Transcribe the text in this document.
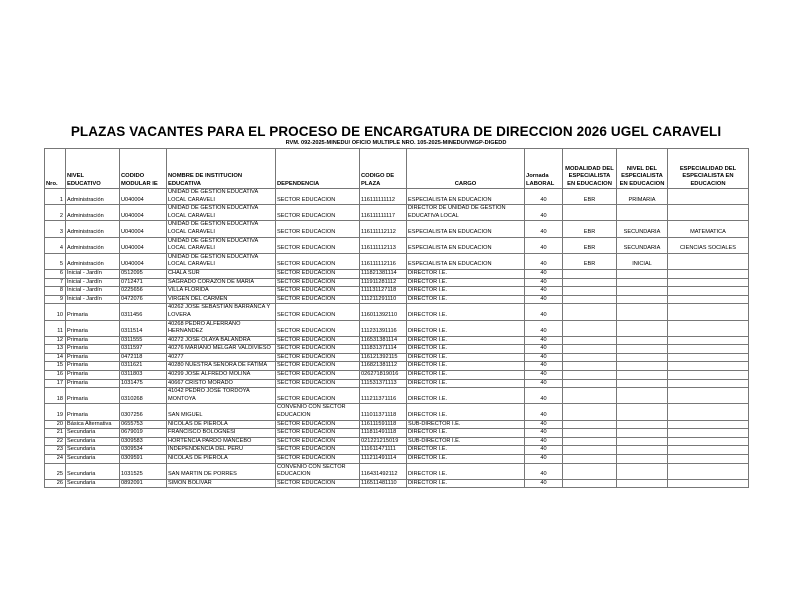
PLAZAS VACANTES PARA EL PROCESO DE ENCARGATURA DE DIRECCION 2026 UGEL CARAVELI
RVM. 092-2025-MINEDU/ OFICIO MULTIPLE NRO. 105-2025-MINEDU/VMGP-DIGEDD
Nro.	NIVEL EDUCATIVO	CODIDO MODULAR IE	NOMBRE DE INSTITUCION EDUCATIVA	DEPENDENCIA	CODIGO DE PLAZA	CARGO	Jornada LABORAL	MODALIDAD DEL ESPECIALISTA EN EDUCACION	NIVEL DEL ESPECIALISTA EN EDUCACION	ESPECIALIDAD DEL ESPECIALISTA EN EDUCACION
1	Administración	U040004	UNIDAD DE GESTION EDUCATIVA LOCAL CARAVELI	SECTOR EDUCACION	116111111112	ESPECIALISTA EN EDUCACION	40	EBR	PRIMARIA	
2	Administración	U040004	UNIDAD DE GESTION EDUCATIVA LOCAL CARAVELI	SECTOR EDUCACION	116111111117	DIRECTOR DE UNIDAD DE GESTION EDUCATIVA LOCAL	40			
3	Administración	U040004	UNIDAD DE GESTION EDUCATIVA LOCAL CARAVELI	SECTOR EDUCACION	116111112112	ESPECIALISTA EN EDUCACION	40	EBR	SECUNDARIA	MATEMATICA
4	Administración	U040004	UNIDAD DE GESTION EDUCATIVA LOCAL CARAVELI	SECTOR EDUCACION	116111112113	ESPECIALISTA EN EDUCACION	40	EBR	SECUNDARIA	CIENCIAS SOCIALES
5	Administración	U040004	UNIDAD DE GESTION EDUCATIVA LOCAL CARAVELI	SECTOR EDUCACION	116111112116	ESPECIALISTA EN EDUCACION	40	EBR	INICIAL	
6	Inicial - Jardín	0512095	CHALA SUR	SECTOR EDUCACION	111821381114	DIRECTOR I.E.	40			
7	Inicial - Jardín	0712471	SAGRADO CORAZON DE MARIA	SECTOR EDUCACION	111911281112	DIRECTOR I.E.	40			
8	Inicial - Jardín	0225656	VILLA FLORIDA	SECTOR EDUCACION	111131127118	DIRECTOR I.E.	40			
9	Inicial - Jardín	0472076	VIRGEN DEL CARMEN	SECTOR EDUCACION	111211291110	DIRECTOR I.E.	40			
10	Primaria	0311456	40262 JOSE SEBASTIAN BARRANCA Y LOVERA	SECTOR EDUCACION	116011392110	DIRECTOR I.E.	40			
11	Primaria	0311514	40268 PEDRO ALFERRANO HERNANDEZ	SECTOR EDUCACION	111231391116	DIRECTOR I.E.	40			
12	Primaria	0311555	40272 JOSE OLAYA BALANDRA	SECTOR EDUCACION	116531381114	DIRECTOR I.E.	40			
13	Primaria	0311597	40276 MARIANO MELGAR VALDIVIESO	SECTOR EDUCACION	111831371114	DIRECTOR I.E.	40			
14	Primaria	0472118	40277	SECTOR EDUCACION	116121392115	DIRECTOR I.E.	40			
15	Primaria	0311621	40280 NUESTRA SEÑORA DE FATIMA	SECTOR EDUCACION	116821381112	DIRECTOR I.E.	40			
16	Primaria	0311803	40299 JOSE ALFREDO MOLINA	SECTOR EDUCACION	026271819016	DIRECTOR I.E.	40			
17	Primaria	1031475	40667 CRISTO MORADO	SECTOR EDUCACION	111531371113	DIRECTOR I.E.	40			
18	Primaria	0310268	41042 PEDRO JOSE TORDOYA MONTOYA	SECTOR EDUCACION	111211371116	DIRECTOR I.E.	40			
19	Primaria	0307256	SAN MIGUEL	CONVENIO CON SECTOR EDUCACION	111011371118	DIRECTOR I.E.	40			
20	Básica Alternativa	0655753	NICOLAS DE PIEROLA	SECTOR EDUCACION	116111591118	SUB-DIRECTOR I.E.	40			
21	Secundaria	0679019	FRANCISCO BOLOGNESI	SECTOR EDUCACION	111811491118	DIRECTOR I.E.	40			
22	Secundaria	0309583	HORTENCIA PARDO MANCEBO	SECTOR EDUCACION	021221215019	SUB-DIRECTOR I.E.	40			
23	Secundaria	0309534	INDEPENDENCIA DEL PERU	SECTOR EDUCACION	111611471111	DIRECTOR I.E.	40			
24	Secundaria	0309591	NICOLAS DE PIEROLA	SECTOR EDUCACION	111211491114	DIRECTOR I.E.	40			
25	Secundaria	1031525	SAN MARTIN DE PORRES	CONVENIO CON SECTOR EDUCACION	116431492112	DIRECTOR I.E.	40			
26	Secundaria	0892091	SIMON BOLIVAR	SECTOR EDUCACION	116511481110	DIRECTOR I.E.	40			
